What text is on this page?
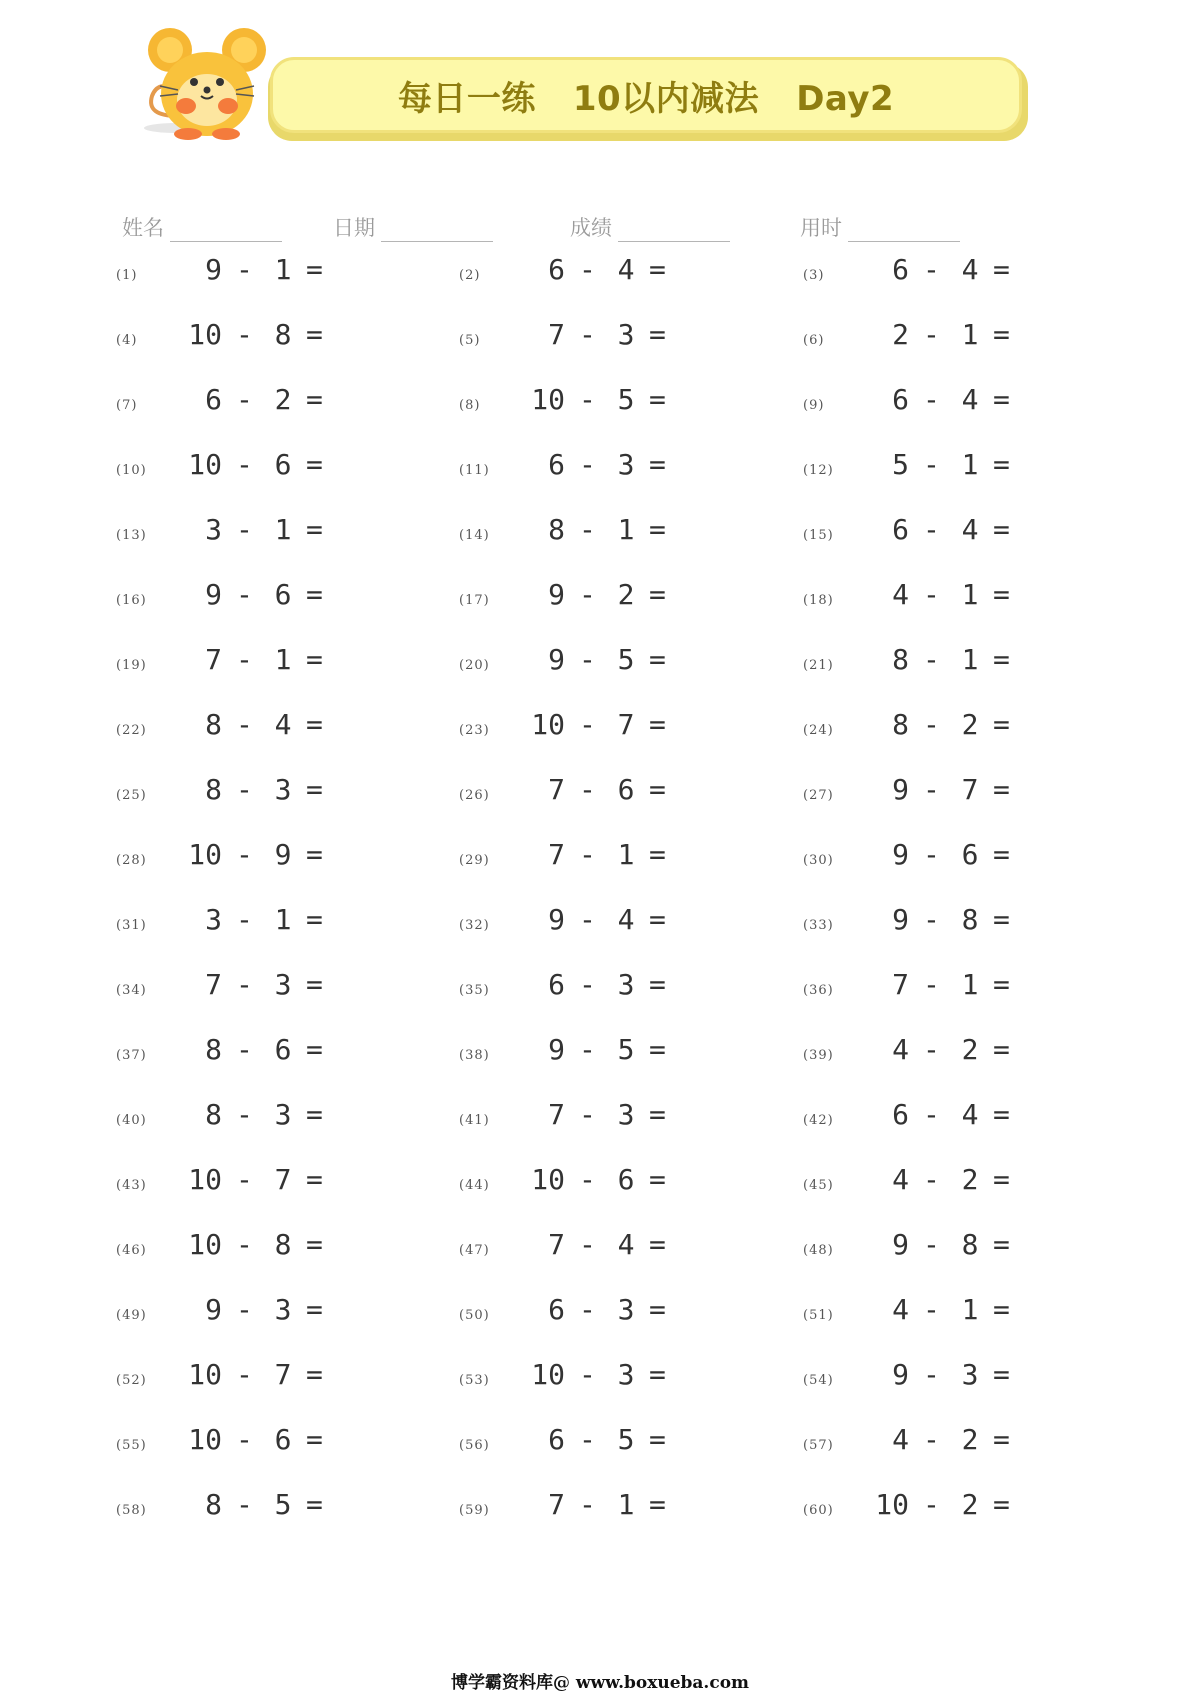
每日一练   10以内减法   Day2
姓名	日期	成绩	用时
(1)	9 - 1 =	(2)	6 - 4 =	(3)	6 - 4 =
(4)	10 - 8 =	(5)	7 - 3 =	(6)	2 - 1 =
(7)	6 - 2 =	(8)	10 - 5 =	(9)	6 - 4 =
(10)	10 - 6 =	(11)	6 - 3 =	(12)	5 - 1 =
(13)	3 - 1 =	(14)	8 - 1 =	(15)	6 - 4 =
(16)	9 - 6 =	(17)	9 - 2 =	(18)	4 - 1 =
(19)	7 - 1 =	(20)	9 - 5 =	(21)	8 - 1 =
(22)	8 - 4 =	(23)	10 - 7 =	(24)	8 - 2 =
(25)	8 - 3 =	(26)	7 - 6 =	(27)	9 - 7 =
(28)	10 - 9 =	(29)	7 - 1 =	(30)	9 - 6 =
(31)	3 - 1 =	(32)	9 - 4 =	(33)	9 - 8 =
(34)	7 - 3 =	(35)	6 - 3 =	(36)	7 - 1 =
(37)	8 - 6 =	(38)	9 - 5 =	(39)	4 - 2 =
(40)	8 - 3 =	(41)	7 - 3 =	(42)	6 - 4 =
(43)	10 - 7 =	(44)	10 - 6 =	(45)	4 - 2 =
(46)	10 - 8 =	(47)	7 - 4 =	(48)	9 - 8 =
(49)	9 - 3 =	(50)	6 - 3 =	(51)	4 - 1 =
(52)	10 - 7 =	(53)	10 - 3 =	(54)	9 - 3 =
(55)	10 - 6 =	(56)	6 - 5 =	(57)	4 - 2 =
(58)	8 - 5 =	(59)	7 - 1 =	(60)	10 - 2 =
博学霸资料库@ www.boxueba.com
